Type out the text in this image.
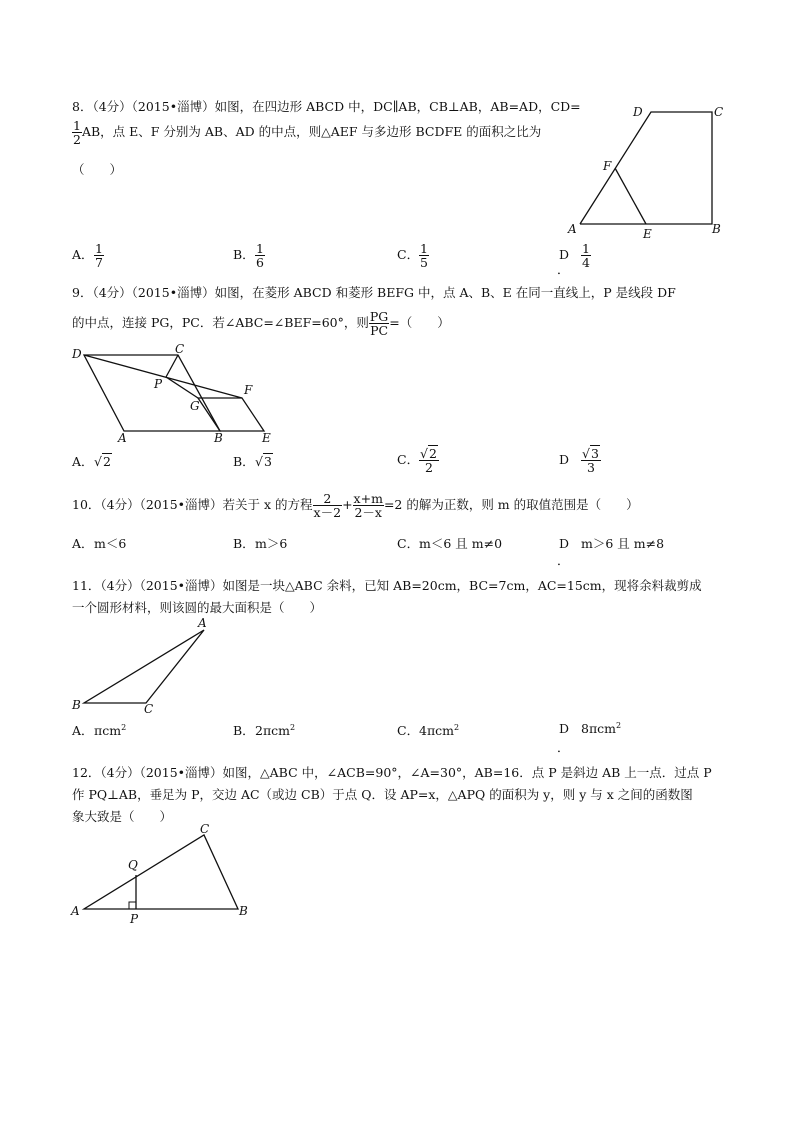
8．（4分）（2015•淄博）如图，在四边形 ABCD 中，DC∥AB，CB⊥AB，AB=AD，CD=
$\frac{1}{2}$ AB，点 E、F 分别为 AB、AD 的中点，则△AEF 与多边形 BCDFE 的面积之比为
（　　）
D	C
F
A	E	B
A． $\frac{1}{7}$	B． $\frac{1}{6}$	C． $\frac{1}{5}$	D $\frac{1}{4}$
．
9．（4分）（2015•淄博）如图，在菱形 ABCD 和菱形 BEFG 中，点 A、B、E 在同一直线上，P 是线段 DF
的中点，连接 PG，PC．若∠ABC=∠BEF=60°，则 $\frac{PG}{PC}$ =（　　）
D	C
P	F
G
A	B	E
A．√2	B．√3	C． $\frac{√2}{2}$	D $\frac{√3}{3}$
10．（4分）（2015•淄博）若关于 x 的方程 $\frac{2}{x-2} + \frac{x+m}{2-x} =2$ 的解为正数，则 m 的取值范围是（　　）
A．m＜6	B．m＞6	C．m＜6 且 m≠0	D m＞6 且 m≠8
．
11．（4分）（2015•淄博）如图是一块△ABC 余料，已知 AB=20cm，BC=7cm，AC=15cm，现将余料裁剪成
一个圆形材料，则该圆的最大面积是（　　）
A
B	C
A．πcm$^2$	B．2πcm$^2$	C．4πcm$^2$	D 8πcm$^2$
．
12．（4分）（2015•淄博）如图，△ABC 中，∠ACB=90°，∠A=30°，AB=16．点 P 是斜边 AB 上一点．过点 P
作 PQ⊥AB，垂足为 P，交边 AC（或边 CB）于点 Q．设 AP=x，△APQ 的面积为 y，则 y 与 x 之间的函数图
象大致是（　　）
C
Q
A
P
B
